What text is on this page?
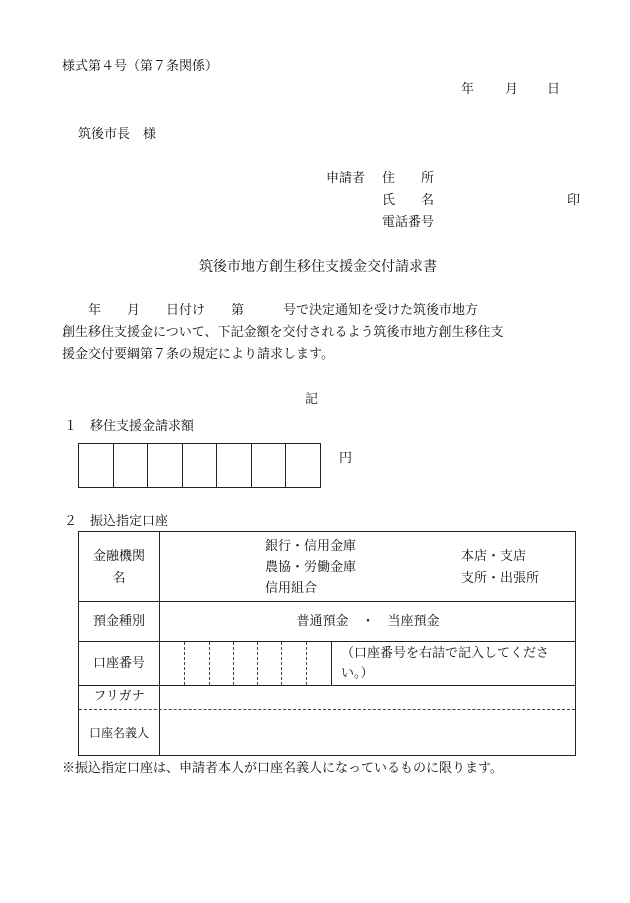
様式第４号（第７条関係）
年 月 日
筑後市長　様
申請者 住　　所
氏　　名	印
電話番号
筑後市地方創生移住支援金交付請求書
　　年　　月　　日付け　　第　　　号で決定通知を受けた筑後市地方
創生移住支援金について、下記金額を交付されるよう筑後市地方創生移住支
援金交付要綱第７条の規定により請求します。
記
１　移住支援金請求額
円
２　振込指定口座
金融機関
名
銀行・信用金庫
農協・労働金庫
信用組合
本店・支店
支所・出張所
預金種別	普通預金　・　当座預金
口座番号
（口座番号を右詰で記入してくださ
い。）
フリガナ
口座名義人
※振込指定口座は、申請者本人が口座名義人になっているものに限ります。
